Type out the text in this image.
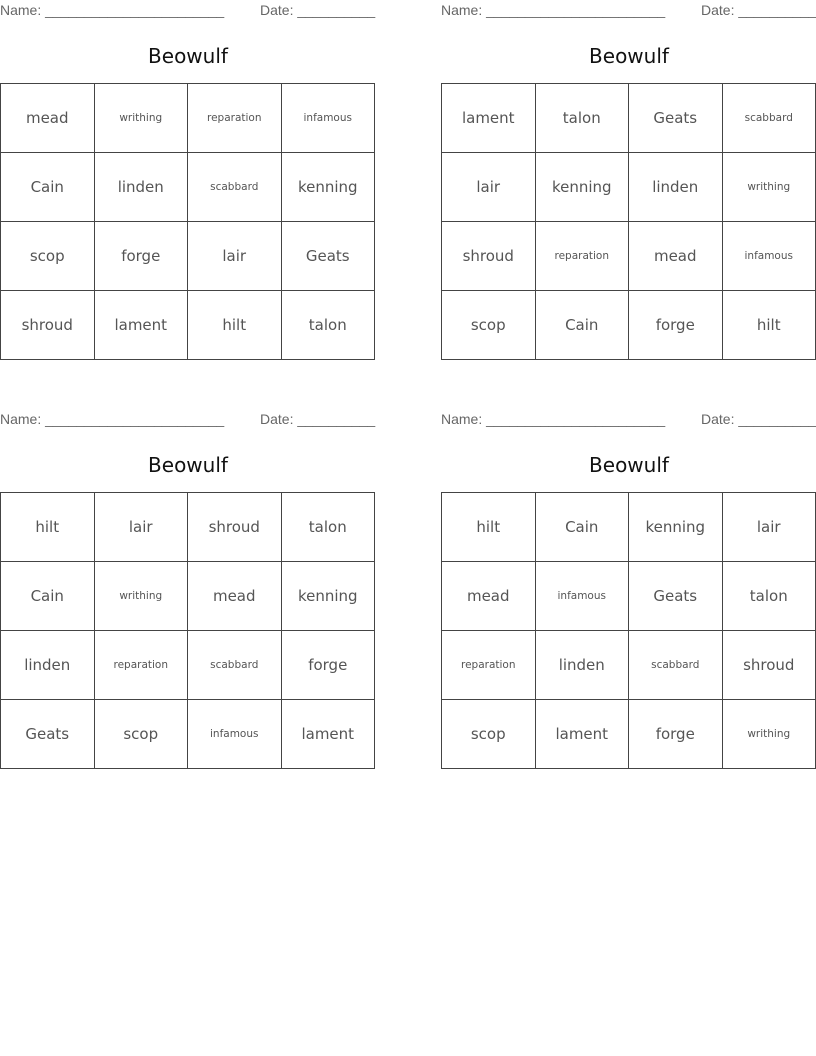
Name: _______________________	Date: __________
Beowulf
mead	writhing	reparation	infamous
Cain	linden	scabbard	kenning
scop	forge	lair	Geats
shroud	lament	hilt	talon
Name: _______________________	Date: __________
Beowulf
lament	talon	Geats	scabbard
lair	kenning	linden	writhing
shroud	reparation	mead	infamous
scop	Cain	forge	hilt
Name: _______________________	Date: __________
Beowulf
hilt	lair	shroud	talon
Cain	writhing	mead	kenning
linden	reparation	scabbard	forge
Geats	scop	infamous	lament
Name: _______________________	Date: __________
Beowulf
hilt	Cain	kenning	lair
mead	infamous	Geats	talon
reparation	linden	scabbard	shroud
scop	lament	forge	writhing
